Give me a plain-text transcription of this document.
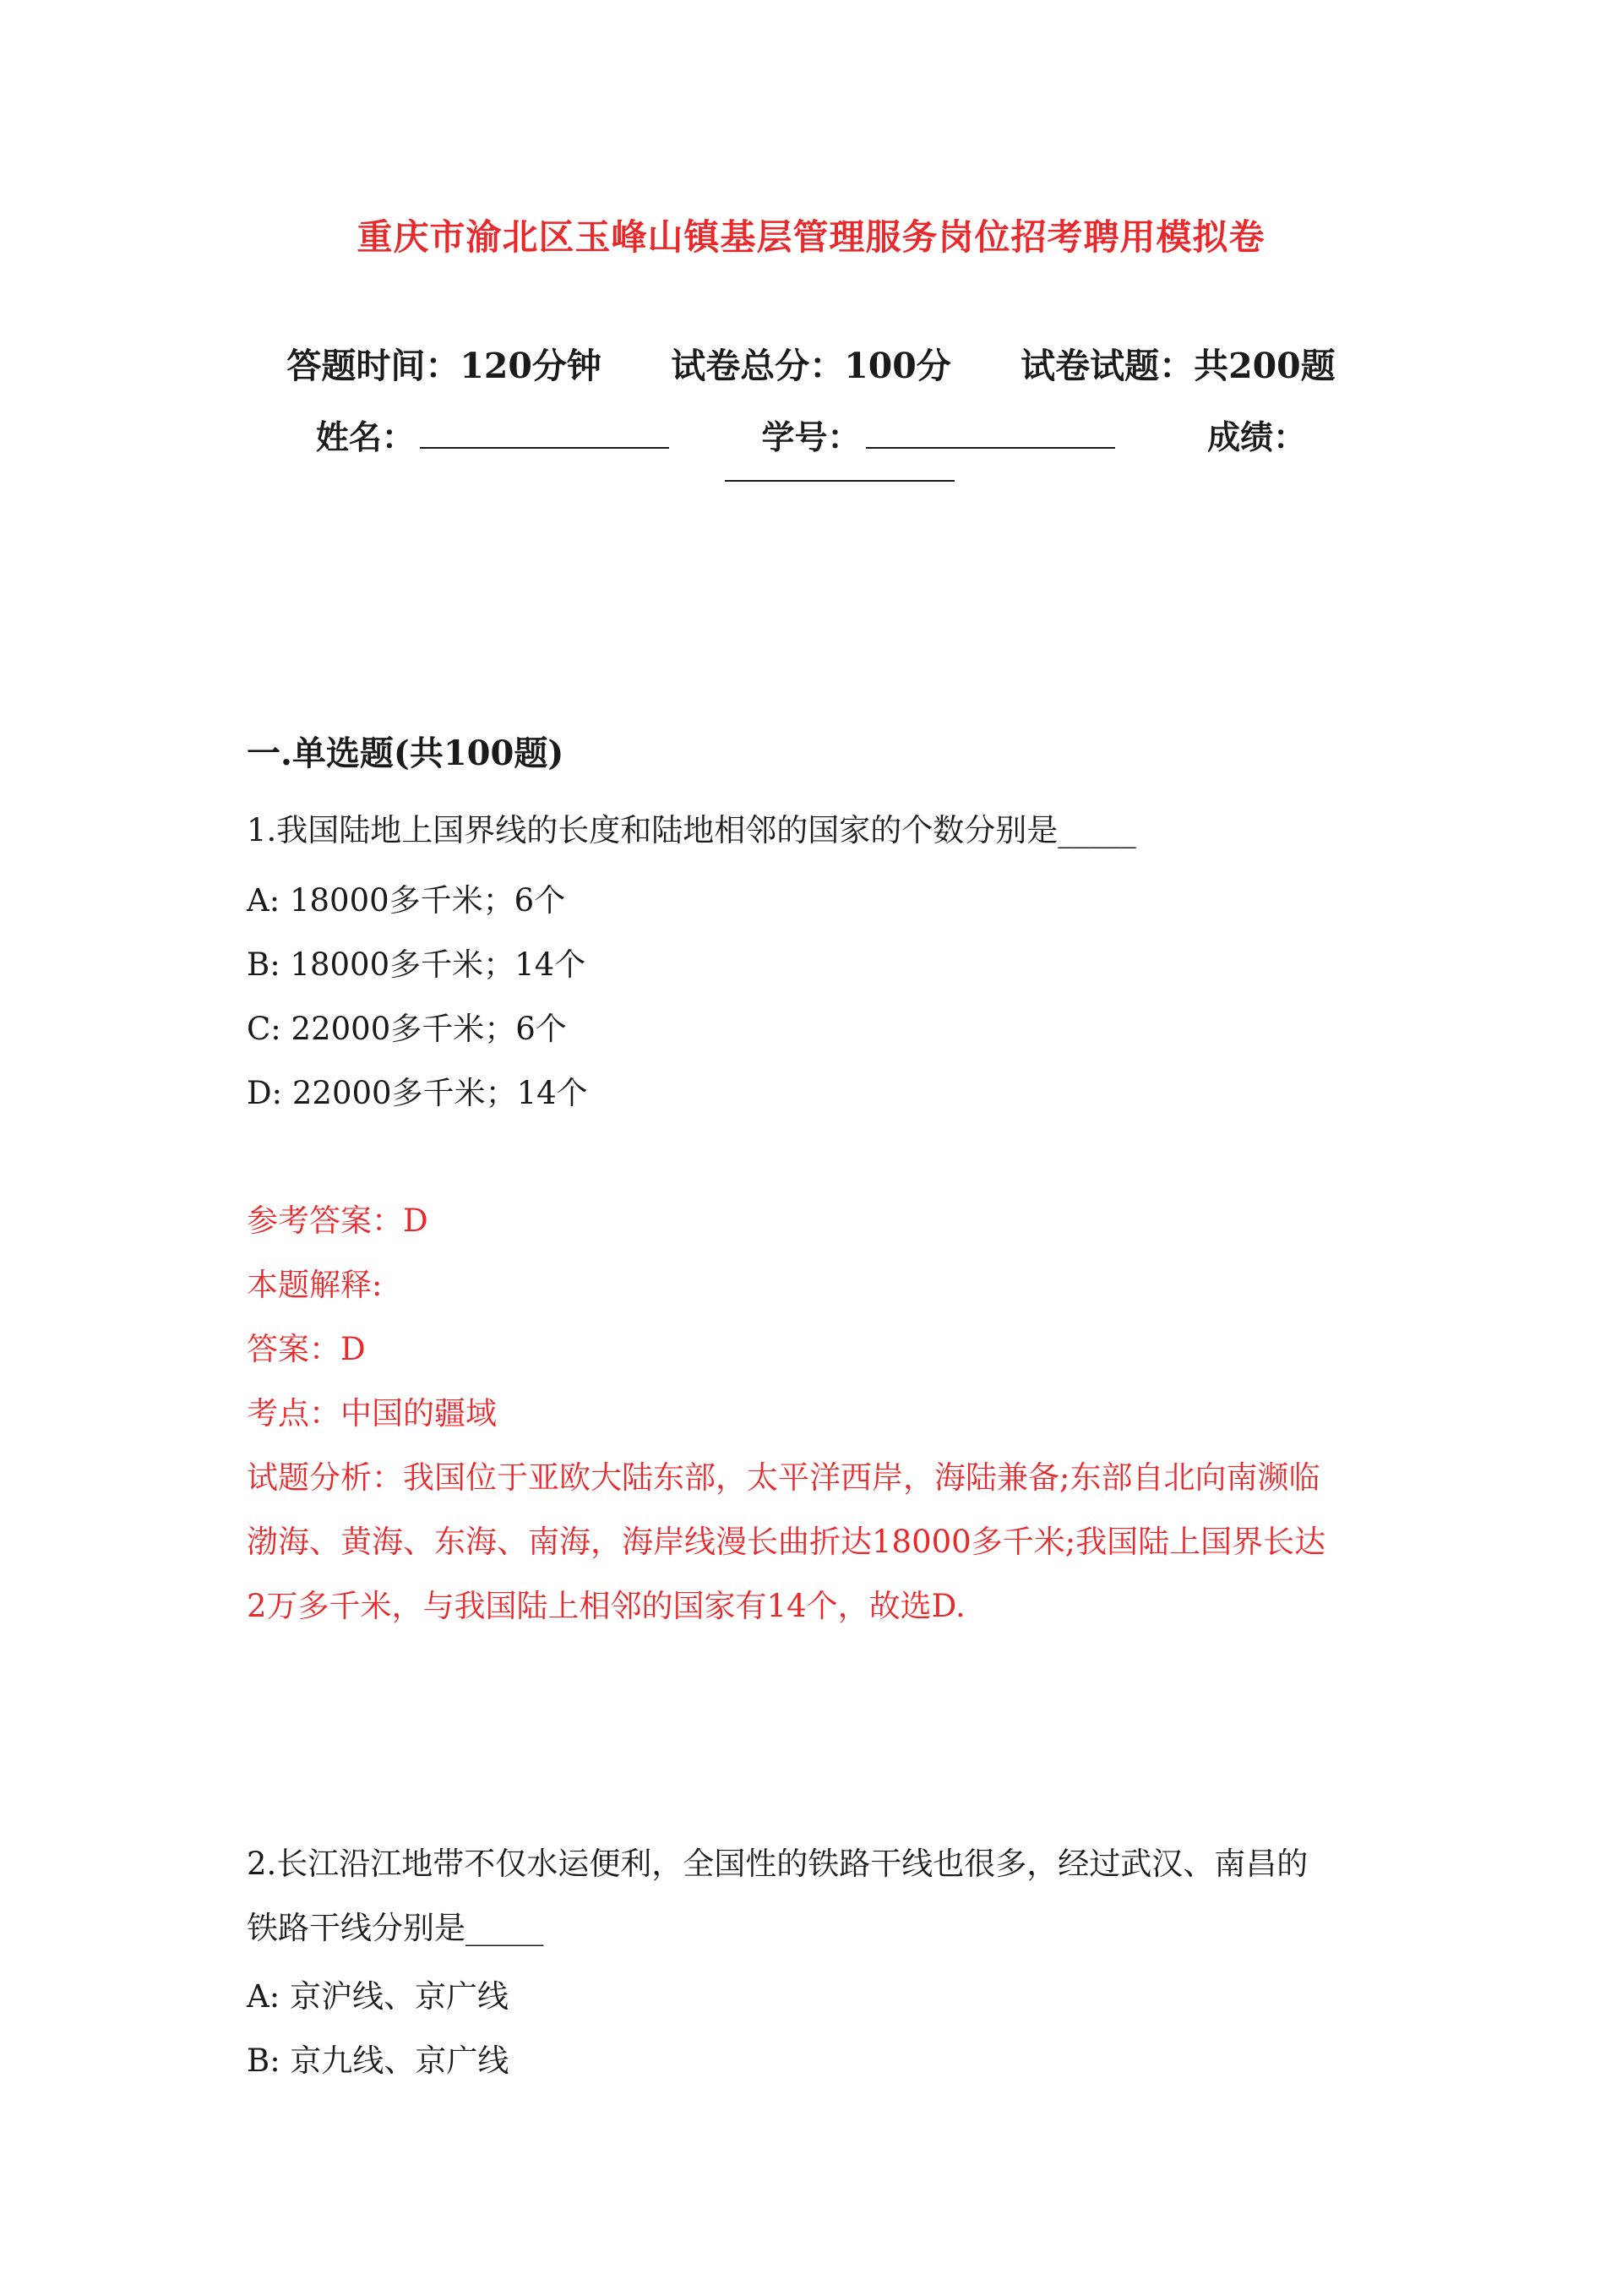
重庆市渝北区玉峰山镇基层管理服务岗位招考聘用模拟卷
答题时间：120分钟 试卷总分：100分 试卷试题：共200题
姓名：	学号：	成绩：
一.单选题(共100题)
1.我国陆地上国界线的长度和陆地相邻的国家的个数分别是_____
A: 18000多千米；6个
B: 18000多千米；14个
C: 22000多千米；6个
D: 22000多千米；14个
参考答案：D
本题解释:
答案：D
考点：中国的疆域
试题分析：我国位于亚欧大陆东部，太平洋西岸，海陆兼备;东部自北向南濒临
渤海、黄海、东海、南海，海岸线漫长曲折达18000多千米;我国陆上国界长达
2万多千米，与我国陆上相邻的国家有14个，故选D.
2.长江沿江地带不仅水运便利，全国性的铁路干线也很多，经过武汉、南昌的
铁路干线分别是_____
A: 京沪线、京广线
B: 京九线、京广线
